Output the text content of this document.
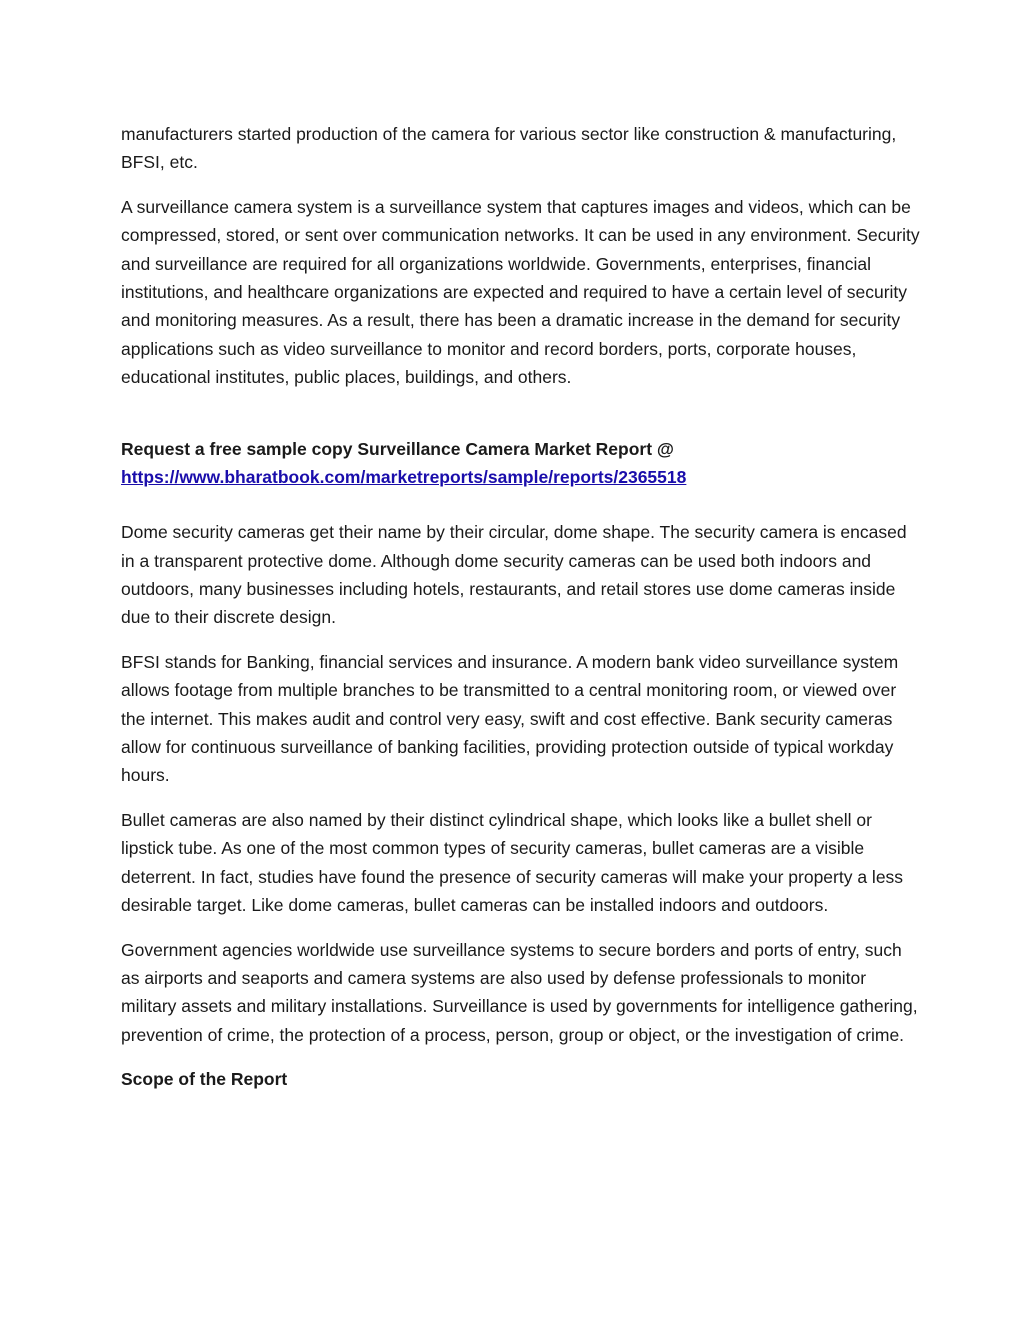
manufacturers started production of the camera for various sector like construction & manufacturing, BFSI, etc.

A surveillance camera system is a surveillance system that captures images and videos, which can be compressed, stored, or sent over communication networks. It can be used in any environment. Security and surveillance are required for all organizations worldwide. Governments, enterprises, financial institutions, and healthcare organizations are expected and required to have a certain level of security and monitoring measures. As a result, there has been a dramatic increase in the demand for security applications such as video surveillance to monitor and record borders, ports, corporate houses, educational institutes, public places, buildings, and others.

Request a free sample copy Surveillance Camera Market Report @

https://www.bharatbook.com/marketreports/sample/reports/2365518

Dome security cameras get their name by their circular, dome shape. The security camera is encased in a transparent protective dome. Although dome security cameras can be used both indoors and outdoors, many businesses including hotels, restaurants, and retail stores use dome cameras inside due to their discrete design.

BFSI stands for Banking, financial services and insurance. A modern bank video surveillance system allows footage from multiple branches to be transmitted to a central monitoring room, or viewed over the internet. This makes audit and control very easy, swift and cost effective. Bank security cameras allow for continuous surveillance of banking facilities, providing protection outside of typical workday hours.

Bullet cameras are also named by their distinct cylindrical shape, which looks like a bullet shell or lipstick tube. As one of the most common types of security cameras, bullet cameras are a visible deterrent. In fact, studies have found the presence of security cameras will make your property a less desirable target. Like dome cameras, bullet cameras can be installed indoors and outdoors.

Government agencies worldwide use surveillance systems to secure borders and ports of entry, such as airports and seaports and camera systems are also used by defense professionals to monitor military assets and military installations. Surveillance is used by governments for intelligence gathering, prevention of crime, the protection of a process, person, group or object, or the investigation of crime.

Scope of the Report
